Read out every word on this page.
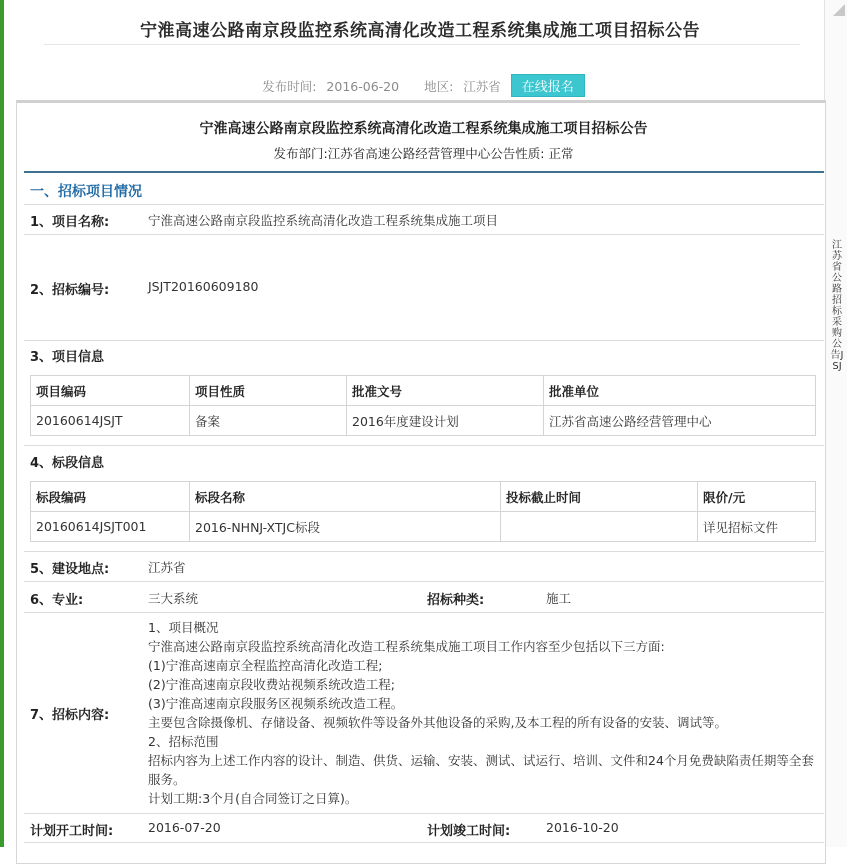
江苏省公路招标采购公告JSJ
宁淮高速公路南京段监控系统高清化改造工程系统集成施工项目招标公告
发布时间: 2016-06-20 地区: 江苏省 在线报名
宁淮高速公路南京段监控系统高清化改造工程系统集成施工项目招标公告
发布部门:江苏省高速公路经营管理中心公告性质: 正常
一、招标项目情况
1、项目名称:	宁淮高速公路南京段监控系统高清化改造工程系统集成施工项目
2、招标编号:	JSJT20160609180
3、项目信息
项目编码	项目性质	批准文号	批准单位
20160614JSJT	备案	2016年度建设计划	江苏省高速公路经营管理中心
4、标段信息
标段编码	标段名称	投标截止时间	限价/元
20160614JSJT001	2016-NHNJ-XTJC标段		详见招标文件
5、建设地点:	江苏省
6、专业:	三大系统	招标种类:	施工
7、招标内容:
1、项目概况
宁淮高速公路南京段监控系统高清化改造工程系统集成施工项目工作内容至少包括以下三方面:
(1)宁淮高速南京全程监控高清化改造工程;
(2)宁淮高速南京段收费站视频系统改造工程;
(3)宁淮高速南京段服务区视频系统改造工程。
主要包含除摄像机、存储设备、视频软件等设备外其他设备的采购,及本工程的所有设备的安装、调试等。
2、招标范围
招标内容为上述工作内容的设计、制造、供货、运输、安装、测试、试运行、培训、文件和24个月免费缺陷责任期等全套服务。
计划工期:3个月(自合同签订之日算)。
计划开工时间:	2016-07-20	计划竣工时间:	2016-10-20
